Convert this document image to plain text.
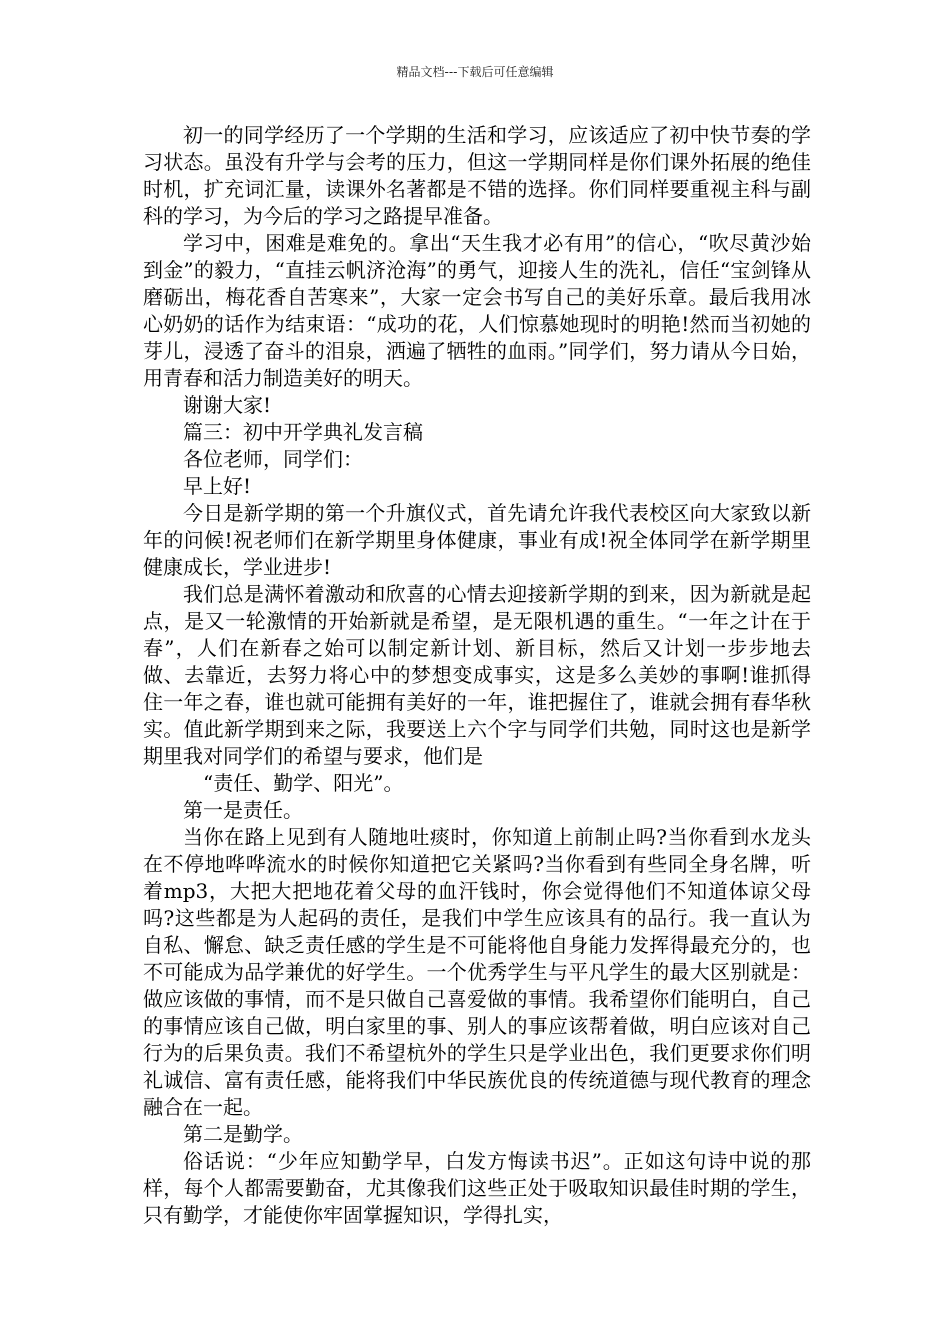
精品文档---下载后可任意编辑

初一的同学经历了一个学期的生活和学习，应该适应了初中快节奏的学习状态。虽没有升学与会考的压力，但这一学期同样是你们课外拓展的绝佳时机，扩充词汇量，读课外名著都是不错的选择。你们同样要重视主科与副科的学习，为今后的学习之路提早准备。

学习中，困难是难免的。拿出“天生我才必有用”的信心，“吹尽黄沙始到金”的毅力，“直挂云帆济沧海”的勇气，迎接人生的洗礼，信任“宝剑锋从磨砺出，梅花香自苦寒来”，大家一定会书写自己的美好乐章。最后我用冰心奶奶的话作为结束语：“成功的花，人们惊慕她现时的明艳!然而当初她的芽儿，浸透了奋斗的泪泉，洒遍了牺牲的血雨。”同学们，努力请从今日始，用青春和活力制造美好的明天。

谢谢大家!

篇三：初中开学典礼发言稿

各位老师，同学们：

早上好!

今日是新学期的第一个升旗仪式，首先请允许我代表校区向大家致以新年的问候!祝老师们在新学期里身体健康，事业有成!祝全体同学在新学期里健康成长，学业进步!

我们总是满怀着激动和欣喜的心情去迎接新学期的到来，因为新就是起点，是又一轮激情的开始新就是希望，是无限机遇的重生。“一年之计在于春”，人们在新春之始可以制定新计划、新目标，然后又计划一步步地去做、去靠近，去努力将心中的梦想变成事实，这是多么美妙的事啊!谁抓得住一年之春，谁也就可能拥有美好的一年，谁把握住了，谁就会拥有春华秋实。值此新学期到来之际，我要送上六个字与同学们共勉，同时这也是新学期里我对同学们的希望与要求，他们是

“责任、勤学、阳光”。

第一是责任。

当你在路上见到有人随地吐痰时，你知道上前制止吗?当你看到水龙头在不停地哗哗流水的时候你知道把它关紧吗?当你看到有些同全身名牌，听着mp3，大把大把地花着父母的血汗钱时，你会觉得他们不知道体谅父母吗?这些都是为人起码的责任，是我们中学生应该具有的品行。我一直认为自私、懈怠、缺乏责任感的学生是不可能将他自身能力发挥得最充分的，也不可能成为品学兼优的好学生。一个优秀学生与平凡学生的最大区别就是：做应该做的事情，而不是只做自己喜爱做的事情。我希望你们能明白，自己的事情应该自己做，明白家里的事、别人的事应该帮着做，明白应该对自己行为的后果负责。我们不希望杭外的学生只是学业出色，我们更要求你们明礼诚信、富有责任感，能将我们中华民族优良的传统道德与现代教育的理念融合在一起。

第二是勤学。

俗话说：“少年应知勤学早，白发方悔读书迟”。正如这句诗中说的那样，每个人都需要勤奋，尤其像我们这些正处于吸取知识最佳时期的学生，只有勤学，才能使你牢固掌握知识，学得扎实，
